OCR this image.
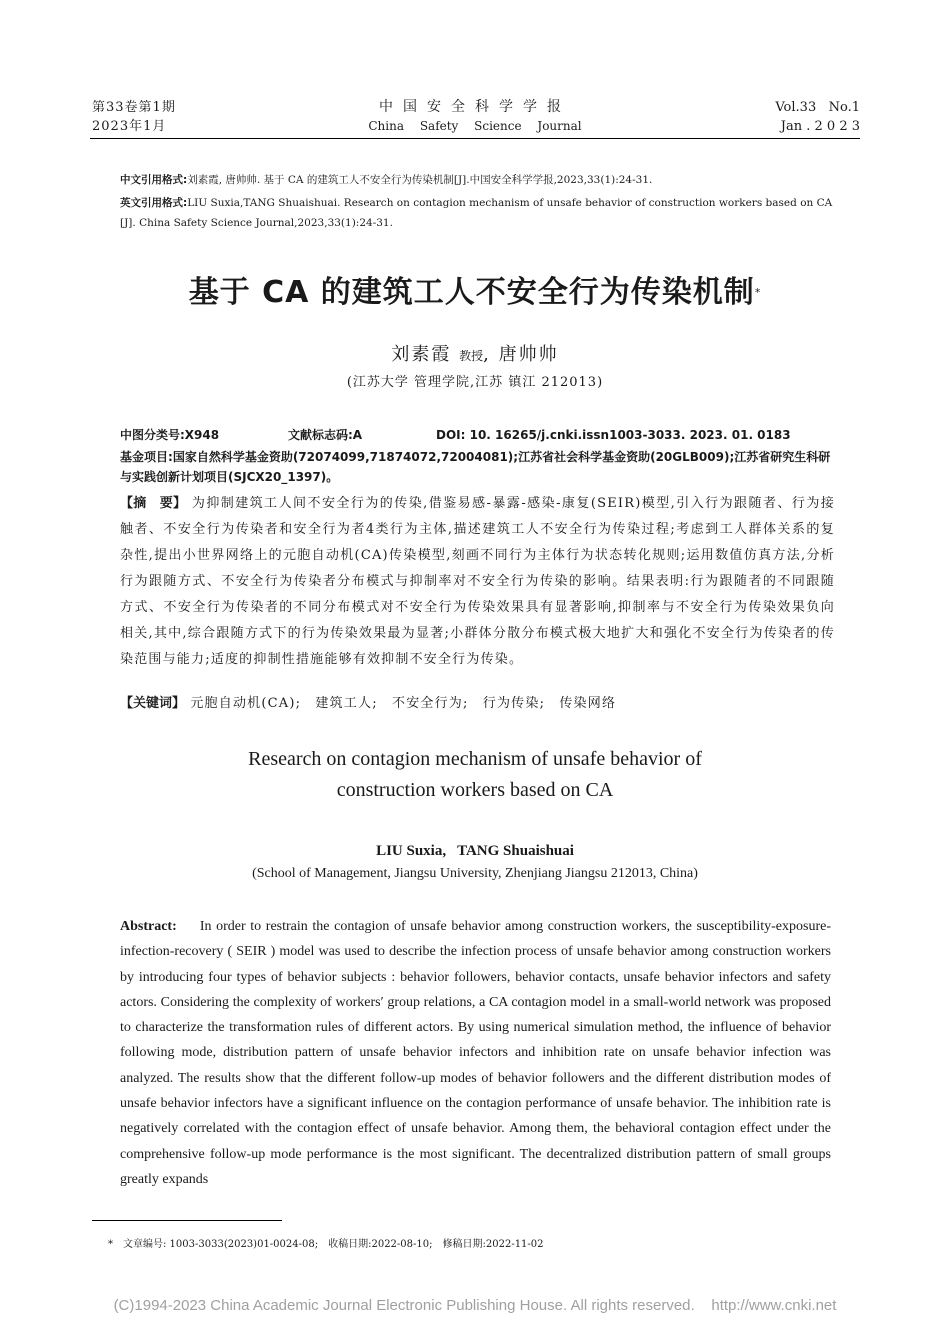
第33卷第1期
2023年1月
中国安全科学学报
China Safety Science Journal
Vol.33   No.1
Jan . 2 0 2 3
中文引用格式:刘素霞, 唐帅帅. 基于 CA 的建筑工人不安全行为传染机制[J].中国安全科学学报,2023,33(1):24-31.
英文引用格式:LIU Suxia,TANG Shuaishuai. Research on contagion mechanism of unsafe behavior of construction workers based on CA [J]. China Safety Science Journal,2023,33(1):24-31.
基于 CA 的建筑工人不安全行为传染机制*
刘素霞 教授, 唐帅帅
(江苏大学 管理学院,江苏 镇江 212013)
中图分类号:X948	文献标志码:A	DOI: 10. 16265/j.cnki.issn1003-3033. 2023. 01. 0183
基金项目:国家自然科学基金资助(72074099,71874072,72004081);江苏省社会科学基金资助(20GLB009);江苏省研究生科研与实践创新计划项目(SJCX20_1397)。
【摘　要】 为抑制建筑工人间不安全行为的传染,借鉴易感-暴露-感染-康复(SEIR)模型,引入行为跟随者、行为接触者、不安全行为传染者和安全行为者4类行为主体,描述建筑工人不安全行为传染过程;考虑到工人群体关系的复杂性,提出小世界网络上的元胞自动机(CA)传染模型,刻画不同行为主体行为状态转化规则;运用数值仿真方法,分析行为跟随方式、不安全行为传染者分布模式与抑制率对不安全行为传染的影响。结果表明:行为跟随者的不同跟随方式、不安全行为传染者的不同分布模式对不安全行为传染效果具有显著影响,抑制率与不安全行为传染效果负向相关,其中,综合跟随方式下的行为传染效果最为显著;小群体分散分布模式极大地扩大和强化不安全行为传染者的传染范围与能力;适度的抑制性措施能够有效抑制不安全行为传染。
【关键词】 元胞自动机(CA);　建筑工人;　不安全行为;　行为传染;　传染网络
Research on contagion mechanism of unsafe behavior of
construction workers based on CA
LIU Suxia,   TANG Shuaishuai
(School of Management, Jiangsu University, Zhenjiang Jiangsu 212013, China)
Abstract: In order to restrain the contagion of unsafe behavior among construction workers, the susceptibility-exposure-infection-recovery ( SEIR ) model was used to describe the infection process of unsafe behavior among construction workers by introducing four types of behavior subjects : behavior followers, behavior contacts, unsafe behavior infectors and safety actors. Considering the complexity of workers′ group relations, a CA contagion model in a small-world network was proposed to characterize the transformation rules of different actors. By using numerical simulation method, the influence of behavior following mode, distribution pattern of unsafe behavior infectors and inhibition rate on unsafe behavior infection was analyzed. The results show that the different follow-up modes of behavior followers and the different distribution modes of unsafe behavior infectors have a significant influence on the contagion performance of unsafe behavior. The inhibition rate is negatively correlated with the contagion effect of unsafe behavior. Among them, the behavioral contagion effect under the comprehensive follow-up mode performance is the most significant. The decentralized distribution pattern of small groups greatly expands
*　文章编号: 1003-3033(2023)01-0024-08;　收稿日期:2022-08-10;　修稿日期:2022-11-02
(C)1994-2023 China Academic Journal Electronic Publishing House. All rights reserved.    http://www.cnki.net
